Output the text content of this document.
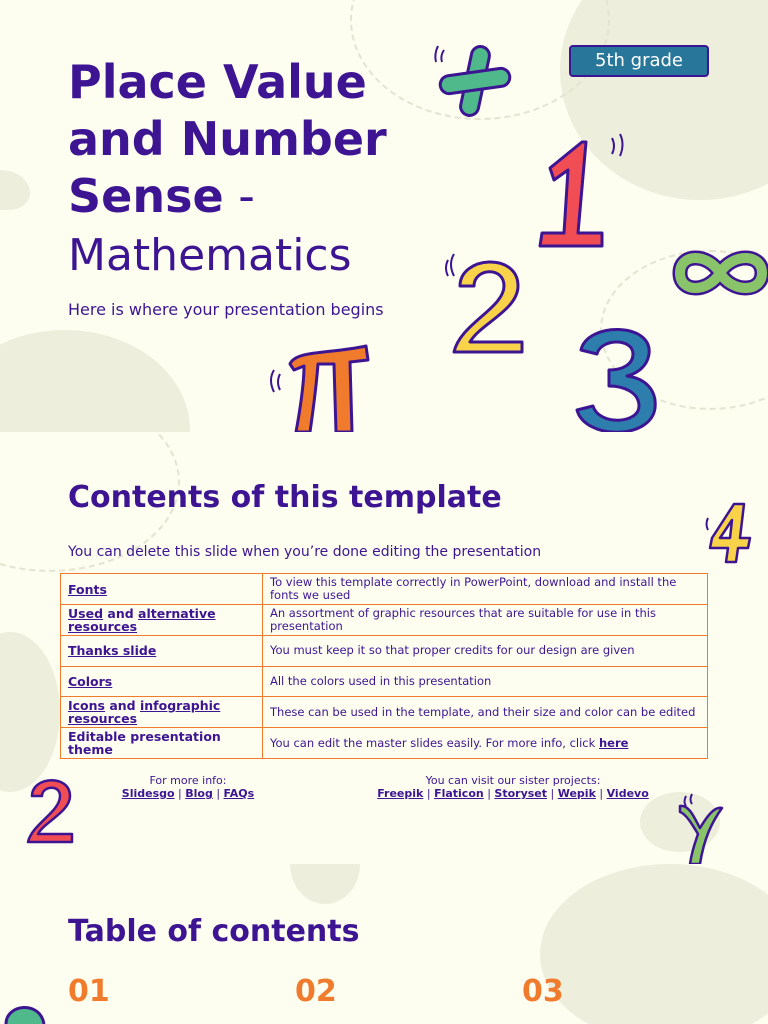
Place Value and Number Sense -
Mathematics
Here is where your presentation begins
5th grade
Contents of this template
You can delete this slide when you’re done editing the presentation
Fonts	To view this template correctly in PowerPoint, download and install the fonts we used
Used and alternative resources	An assortment of graphic resources that are suitable for use in this presentation
Thanks slide	You must keep it so that proper credits for our design are given
Colors	All the colors used in this presentation
Icons and infographic resources	These can be used in the template, and their size and color can be edited
Editable presentation theme	You can edit the master slides easily. For more info, click here
For more info:
Slidesgo | Blog | FAQs
You can visit our sister projects:
Freepik | Flaticon | Storyset | Wepik | Videvo
Table of contents
01	02	03
